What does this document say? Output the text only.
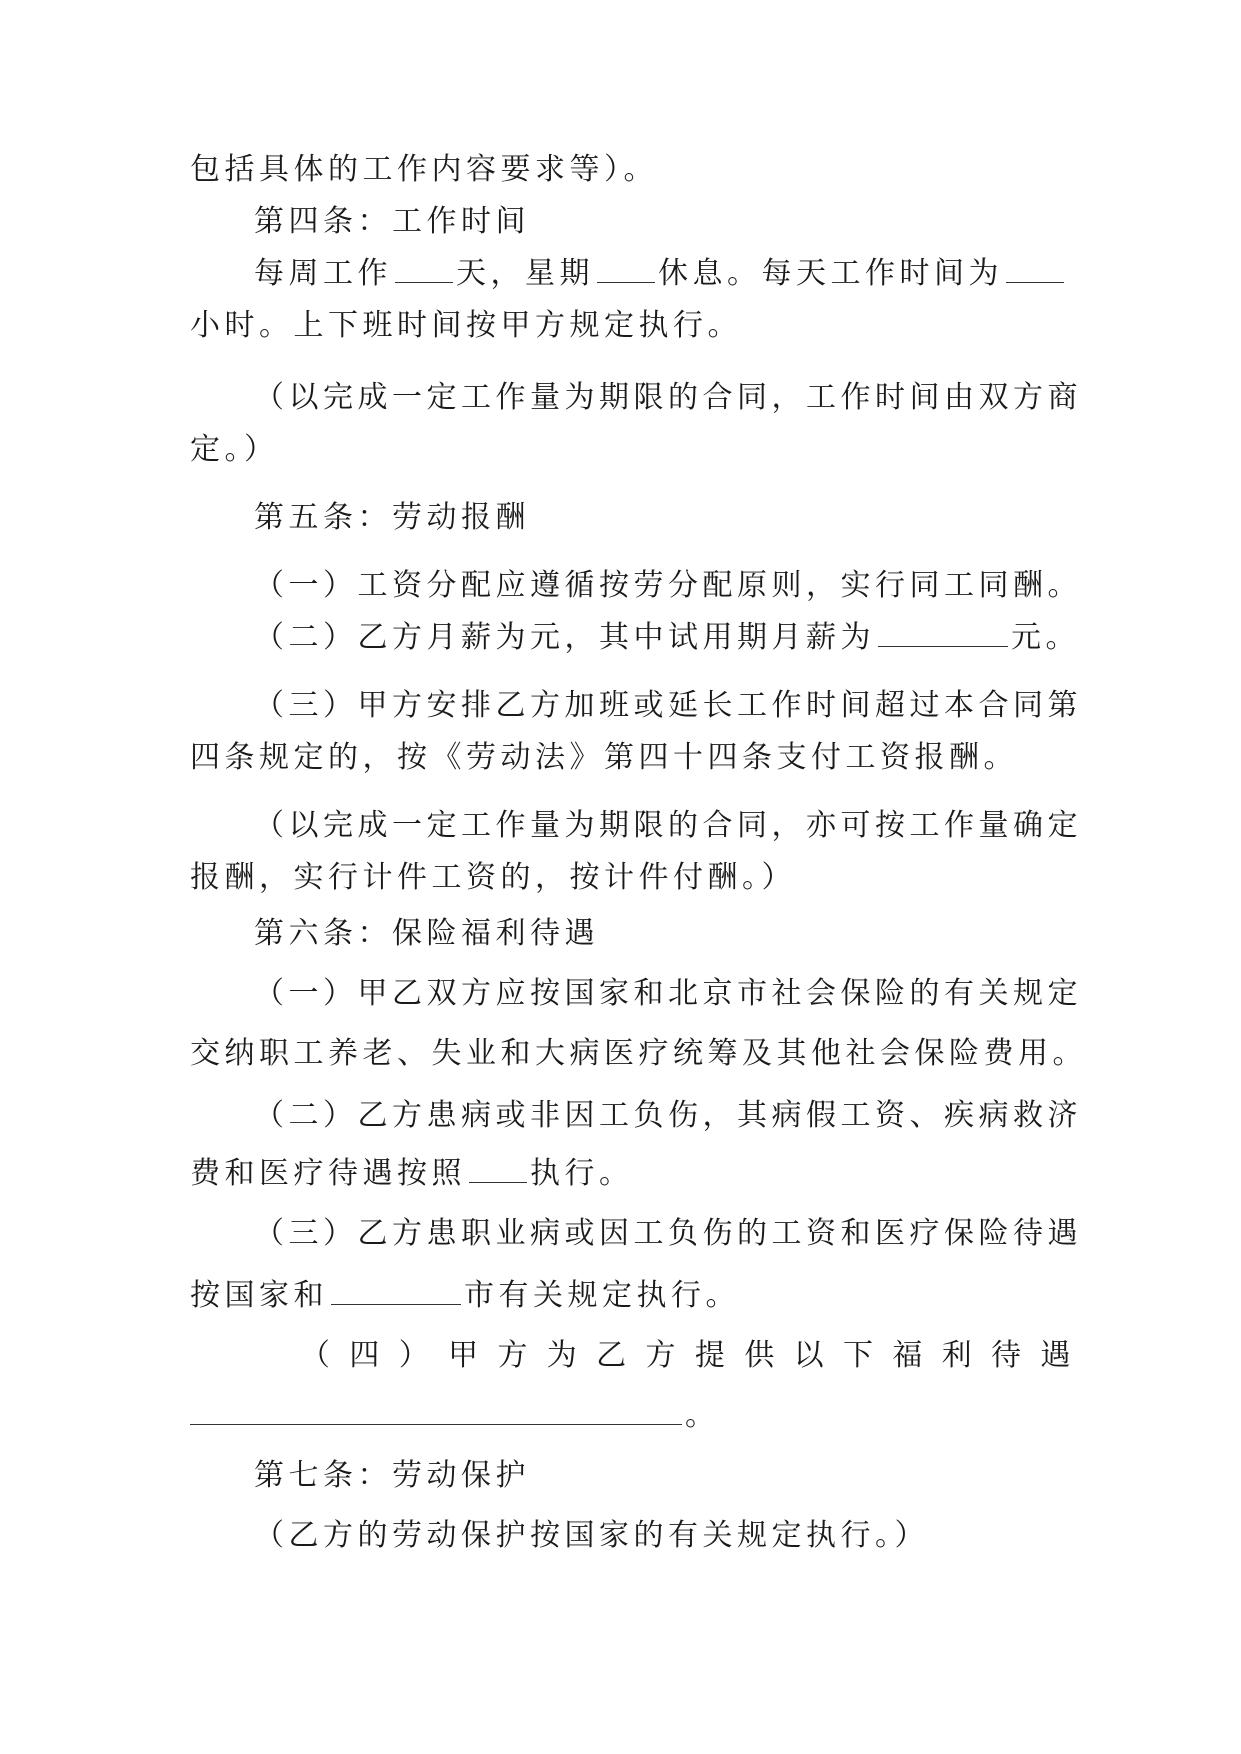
包括具体的工作内容要求等）。
第四条：工作时间
每周工作 天，星期 休息。每天工作时间为
小时。上下班时间按甲方规定执行。
（以完成一定工作量为期限的合同，工作时间由双方商
定。）
第五条：劳动报酬
（一）工资分配应遵循按劳分配原则，实行同工同酬。
（二）乙方月薪为元，其中试用期月薪为	元。
（三）甲方安排乙方加班或延长工作时间超过本合同第
四条规定的，按《劳动法》第四十四条支付工资报酬。
（以完成一定工作量为期限的合同，亦可按工作量确定
报酬，实行计件工资的，按计件付酬。）
第六条：保险福利待遇
（一）甲乙双方应按国家和北京市社会保险的有关规定
交纳职工养老、失业和大病医疗统筹及其他社会保险费用。
（二）乙方患病或非因工负伤，其病假工资、疾病救济
费和医疗待遇按照 执行。
（三）乙方患职业病或因工负伤的工资和医疗保险待遇
按国家和	市有关规定执行。
（ 四 ） 甲 方 为 乙 方 提 供 以 下 福 利 待 遇
。
第七条：劳动保护
（乙方的劳动保护按国家的有关规定执行。）
